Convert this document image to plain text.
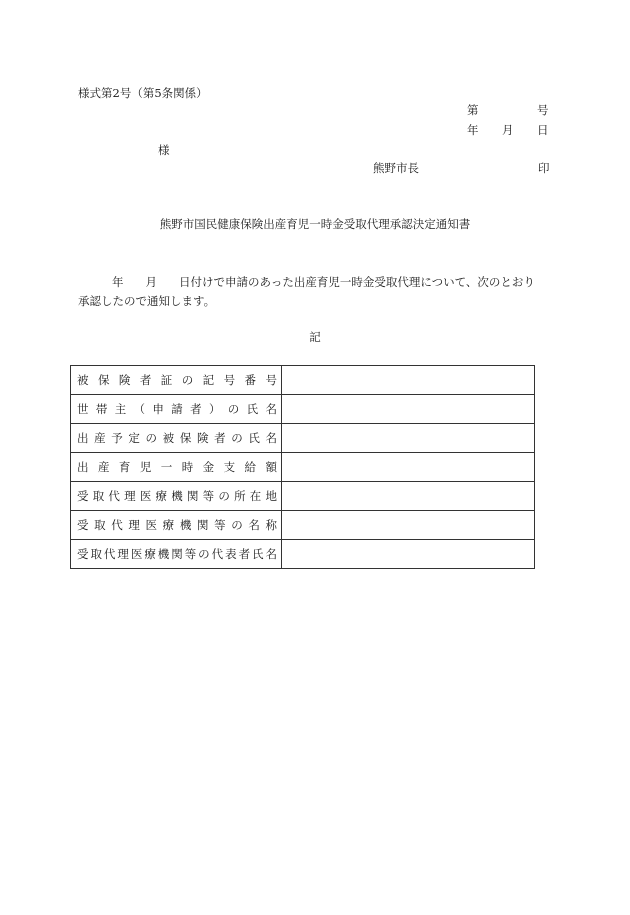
様式第2号（第5条関係）
第	号
年 月 日
様
熊野市長	印
熊野市国民健康保険出産育児一時金受取代理承認決定通知書
年 月 日付けで申請のあった出産育児一時金受取代理について、次のとおり
承認したので通知します。
記
被保険者証の記号番号	

世帯主（申請者）の氏名	

出産予定の被保険者の氏名	

出産育児一時金支給額	

受取代理医療機関等の所在地	

受取代理医療機関等の名称	

受取代理医療機関等の代表者氏名	
